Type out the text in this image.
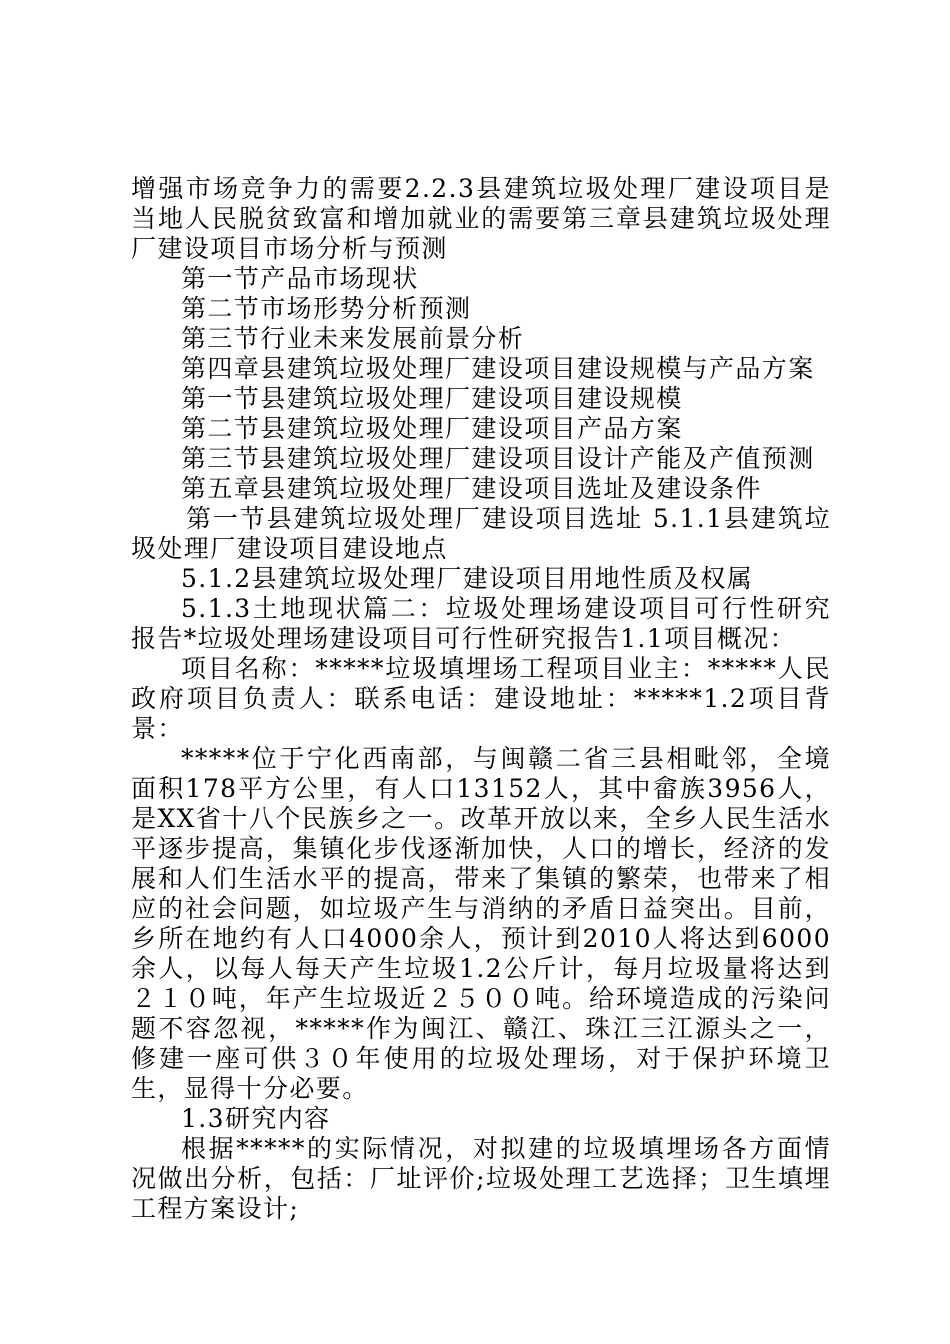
增强市场竞争力的需要2.2.3县建筑垃圾处理厂建设项目是当地人民脱贫致富和增加就业的需要第三章县建筑垃圾处理厂建设项目市场分析与预测

第一节产品市场现状

第二节市场形势分析预测

第三节行业未来发展前景分析

第四章县建筑垃圾处理厂建设项目建设规模与产品方案

第一节县建筑垃圾处理厂建设项目建设规模

第二节县建筑垃圾处理厂建设项目产品方案

第三节县建筑垃圾处理厂建设项目设计产能及产值预测

第五章县建筑垃圾处理厂建设项目选址及建设条件

第一节县建筑垃圾处理厂建设项目选址 5.1.1县建筑垃圾处理厂建设项目建设地点

5.1.2县建筑垃圾处理厂建设项目用地性质及权属

5.1.3土地现状篇二：垃圾处理场建设项目可行性研究报告*垃圾处理场建设项目可行性研究报告1.1项目概况：

项目名称：*****垃圾填埋场工程项目业主：*****人民政府项目负责人：联系电话：建设地址：*****1.2项目背景：

*****位于宁化西南部，与闽赣二省三县相毗邻，全境面积178平方公里，有人口13152人，其中畲族3956人，是XX省十八个民族乡之一。改革开放以来，全乡人民生活水平逐步提高，集镇化步伐逐渐加快，人口的增长，经济的发展和人们生活水平的提高，带来了集镇的繁荣，也带来了相应的社会问题，如垃圾产生与消纳的矛盾日益突出。目前，乡所在地约有人口4000余人，预计到2010人将达到6000余人，以每人每天产生垃圾1.2公斤计，每月垃圾量将达到２１０吨，年产生垃圾近２５００吨。给环境造成的污染问题不容忽视，*****作为闽江、赣江、珠江三江源头之一，修建一座可供３０年使用的垃圾处理场，对于保护环境卫生，显得十分必要。

1.3研究内容

根据*****的实际情况，对拟建的垃圾填埋场各方面情况做出分析，包括：厂址评价;垃圾处理工艺选择；卫生填埋工程方案设计;
